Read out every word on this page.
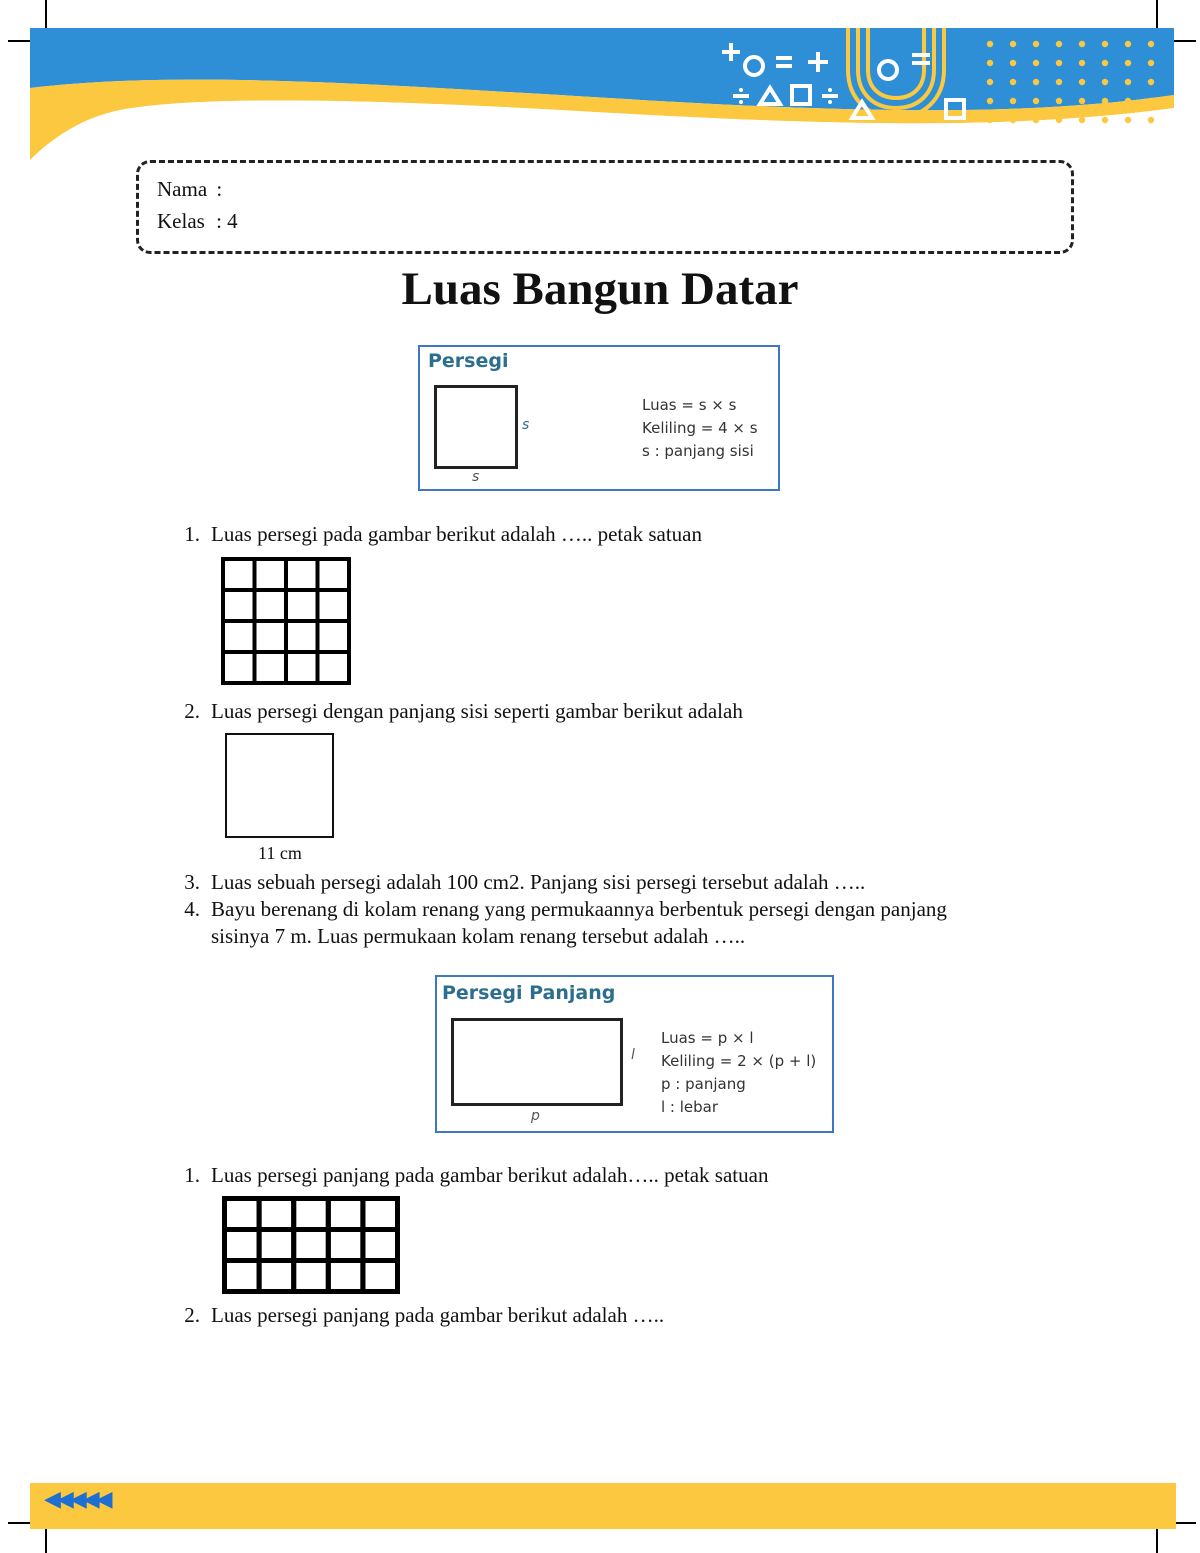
Nama :
Kelas : 4
Luas Bangun Datar
Persegi
s
s
Luas = s × s
Keliling = 4 × s
s : panjang sisi
1. Luas persegi pada gambar berikut adalah ….. petak satuan
2. Luas persegi dengan panjang sisi seperti gambar berikut adalah
11 cm
3. Luas sebuah persegi adalah 100 cm2. Panjang sisi persegi tersebut adalah …..
4. Bayu berenang di kolam renang yang permukaannya berbentuk persegi dengan panjang
sisinya 7 m. Luas permukaan kolam renang tersebut adalah …..
Persegi Panjang
l
p
Luas = p × l
Keliling = 2 × (p + l)
p : panjang
l : lebar
1. Luas persegi panjang pada gambar berikut adalah….. petak satuan
2. Luas persegi panjang pada gambar berikut adalah …..
◀◀◀◀◀
